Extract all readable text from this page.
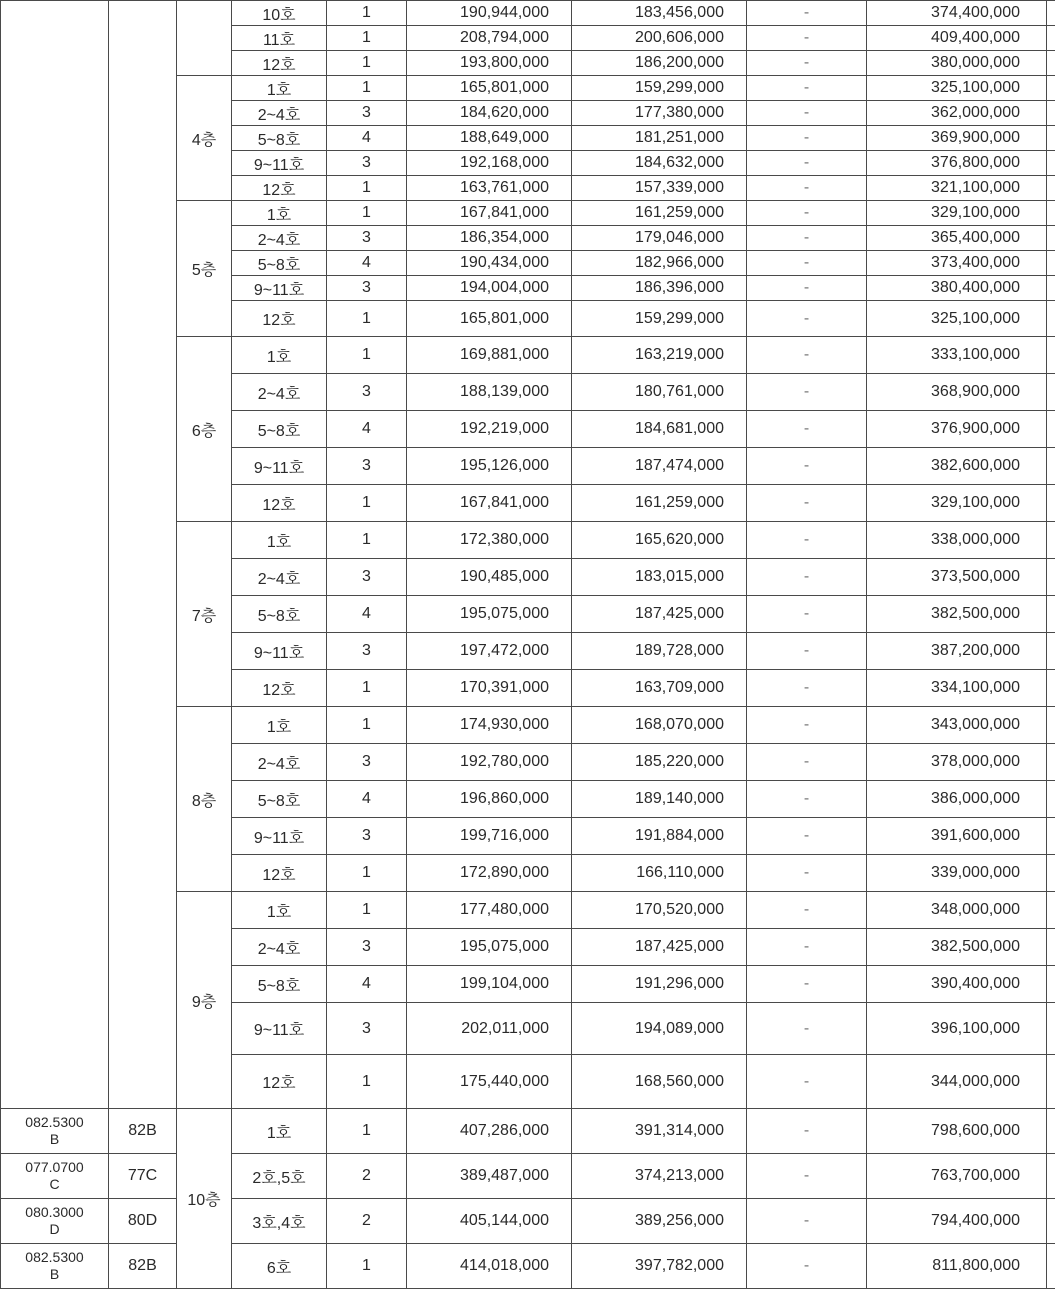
			10호	1	190,944,000	183,456,000	-	374,400,000	
			11호	1	208,794,000	200,606,000	-	409,400,000	
			12호	1	193,800,000	186,200,000	-	380,000,000	
		4층	1호	1	165,801,000	159,299,000	-	325,100,000	
			2~4호	3	184,620,000	177,380,000	-	362,000,000	
			5~8호	4	188,649,000	181,251,000	-	369,900,000	
			9~11호	3	192,168,000	184,632,000	-	376,800,000	
			12호	1	163,761,000	157,339,000	-	321,100,000	
		5층	1호	1	167,841,000	161,259,000	-	329,100,000	
			2~4호	3	186,354,000	179,046,000	-	365,400,000	
			5~8호	4	190,434,000	182,966,000	-	373,400,000	
			9~11호	3	194,004,000	186,396,000	-	380,400,000	
			12호	1	165,801,000	159,299,000	-	325,100,000	
		6층	1호	1	169,881,000	163,219,000	-	333,100,000	
			2~4호	3	188,139,000	180,761,000	-	368,900,000	
			5~8호	4	192,219,000	184,681,000	-	376,900,000	
			9~11호	3	195,126,000	187,474,000	-	382,600,000	
			12호	1	167,841,000	161,259,000	-	329,100,000	
		7층	1호	1	172,380,000	165,620,000	-	338,000,000	
			2~4호	3	190,485,000	183,015,000	-	373,500,000	
			5~8호	4	195,075,000	187,425,000	-	382,500,000	
			9~11호	3	197,472,000	189,728,000	-	387,200,000	
			12호	1	170,391,000	163,709,000	-	334,100,000	
		8층	1호	1	174,930,000	168,070,000	-	343,000,000	
			2~4호	3	192,780,000	185,220,000	-	378,000,000	
			5~8호	4	196,860,000	189,140,000	-	386,000,000	
			9~11호	3	199,716,000	191,884,000	-	391,600,000	
			12호	1	172,890,000	166,110,000	-	339,000,000	
		9층	1호	1	177,480,000	170,520,000	-	348,000,000	
			2~4호	3	195,075,000	187,425,000	-	382,500,000	
			5~8호	4	199,104,000	191,296,000	-	390,400,000	
			9~11호	3	202,011,000	194,089,000	-	396,100,000	
			12호	1	175,440,000	168,560,000	-	344,000,000	

082.5300
B	82B	10층	1호	1	407,286,000	391,314,000	-	798,600,000	

077.0700
C	77C		2호,5호	2	389,487,000	374,213,000	-	763,700,000	

080.3000
D	80D		3호,4호	2	405,144,000	389,256,000	-	794,400,000	

082.5300
B	82B		6호	1	414,018,000	397,782,000	-	811,800,000	
